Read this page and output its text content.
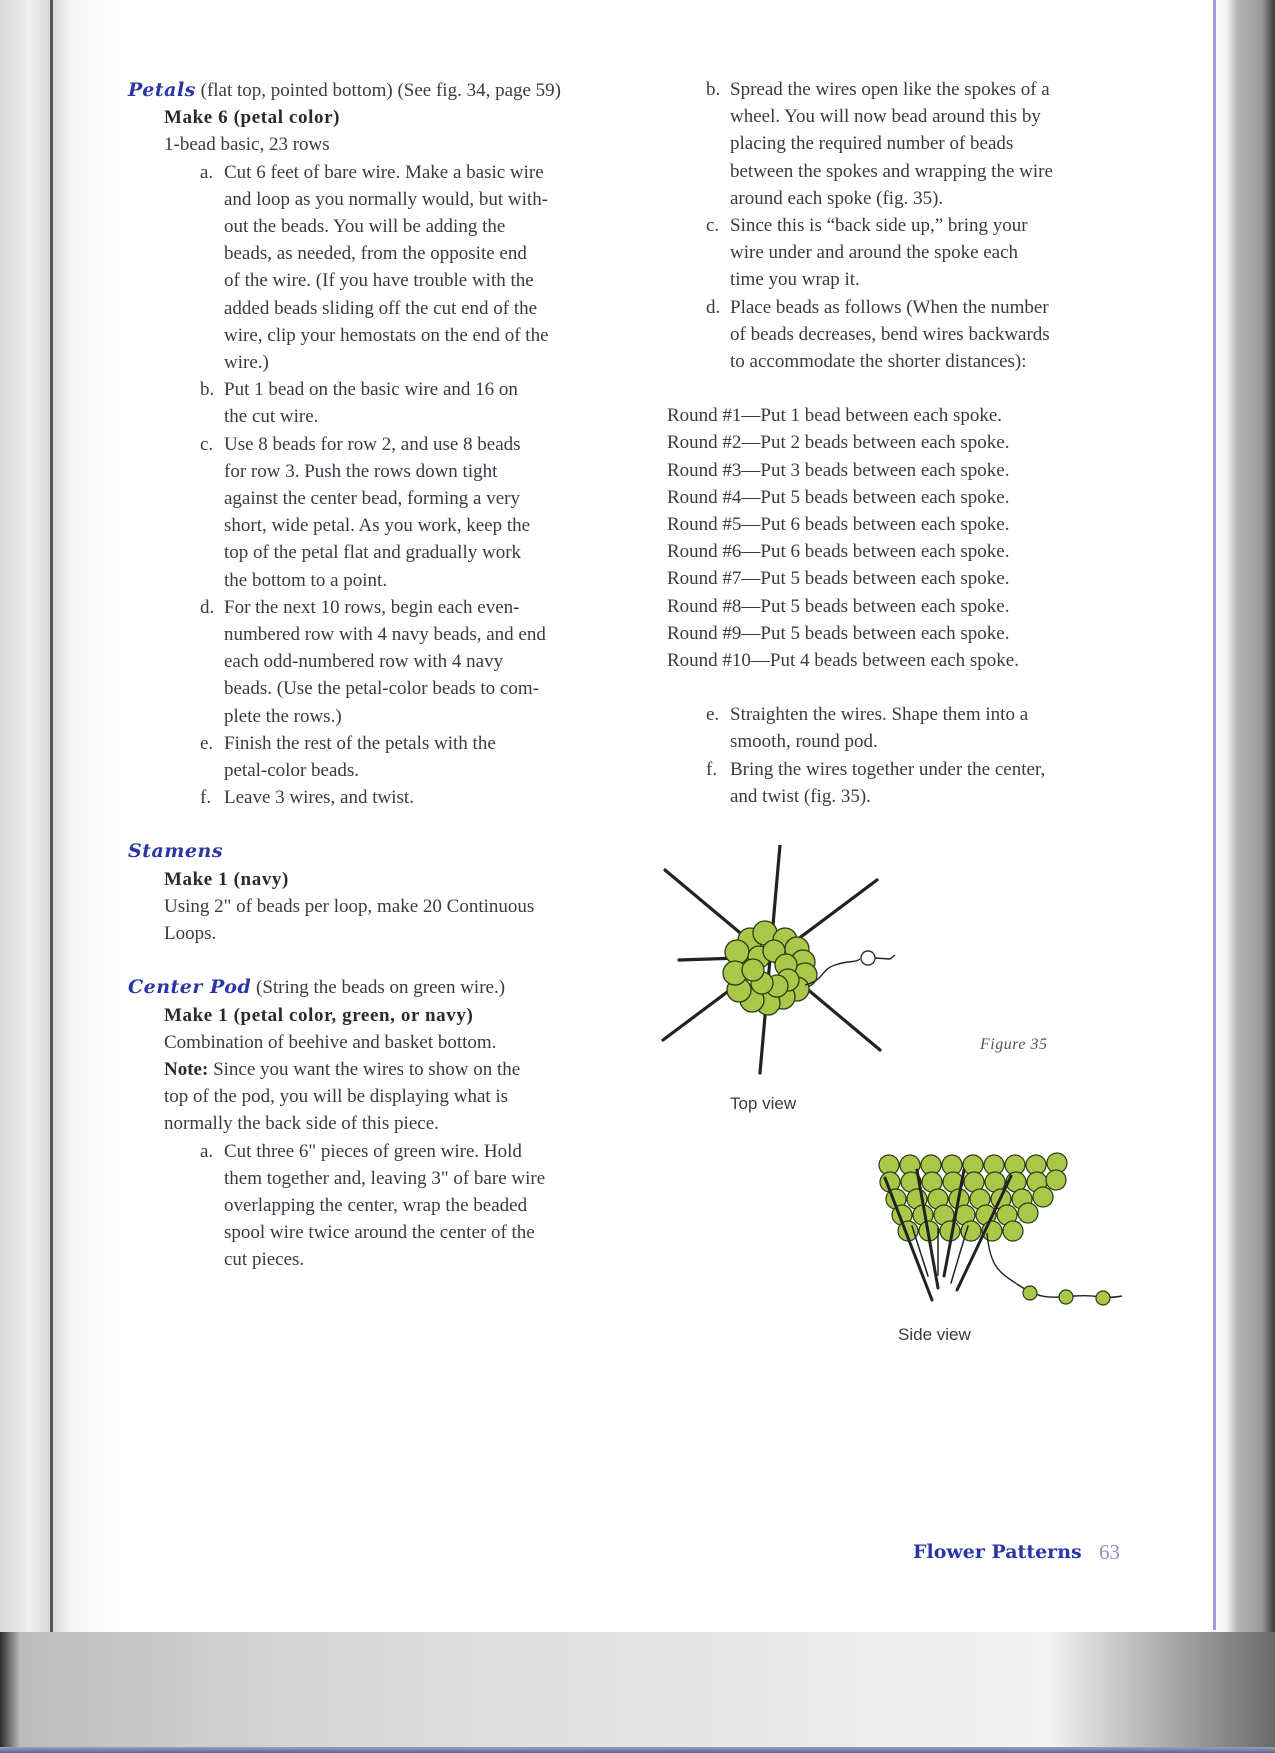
Petals (flat top, pointed bottom) (See fig. 34, page 59)
Make 6 (petal color)
1-bead basic, 23 rows
a. Cut 6 feet of bare wire. Make a basic wire
and loop as you normally would, but with-
out the beads. You will be adding the
beads, as needed, from the opposite end
of the wire. (If you have trouble with the
added beads sliding off the cut end of the
wire, clip your hemostats on the end of the
wire.)
b. Put 1 bead on the basic wire and 16 on
the cut wire.
c. Use 8 beads for row 2, and use 8 beads
for row 3. Push the rows down tight
against the center bead, forming a very
short, wide petal. As you work, keep the
top of the petal flat and gradually work
the bottom to a point.
d. For the next 10 rows, begin each even-
numbered row with 4 navy beads, and end
each odd-numbered row with 4 navy
beads. (Use the petal-color beads to com-
plete the rows.)
e. Finish the rest of the petals with the
petal-color beads.
f. Leave 3 wires, and twist.
Stamens
Make 1 (navy)
Using 2" of beads per loop, make 20 Continuous
Loops.
Center Pod (String the beads on green wire.)
Make 1 (petal color, green, or navy)
Combination of beehive and basket bottom.
Note: Since you want the wires to show on the
top of the pod, you will be displaying what is
normally the back side of this piece.
a. Cut three 6" pieces of green wire. Hold
them together and, leaving 3" of bare wire
overlapping the center, wrap the beaded
spool wire twice around the center of the
cut pieces.
b. Spread the wires open like the spokes of a
wheel. You will now bead around this by
placing the required number of beads
between the spokes and wrapping the wire
around each spoke (fig. 35).
c. Since this is “back side up,” bring your
wire under and around the spoke each
time you wrap it.
d. Place beads as follows (When the number
of beads decreases, bend wires backwards
to accommodate the shorter distances):
Round #1—Put 1 bead between each spoke.
Round #2—Put 2 beads between each spoke.
Round #3—Put 3 beads between each spoke.
Round #4—Put 5 beads between each spoke.
Round #5—Put 6 beads between each spoke.
Round #6—Put 6 beads between each spoke.
Round #7—Put 5 beads between each spoke.
Round #8—Put 5 beads between each spoke.
Round #9—Put 5 beads between each spoke.
Round #10—Put 4 beads between each spoke.
e. Straighten the wires. Shape them into a
smooth, round pod.
f. Bring the wires together under the center,
and twist (fig. 35).
Top view
Figure 35
Side view
Flower Patterns 63
